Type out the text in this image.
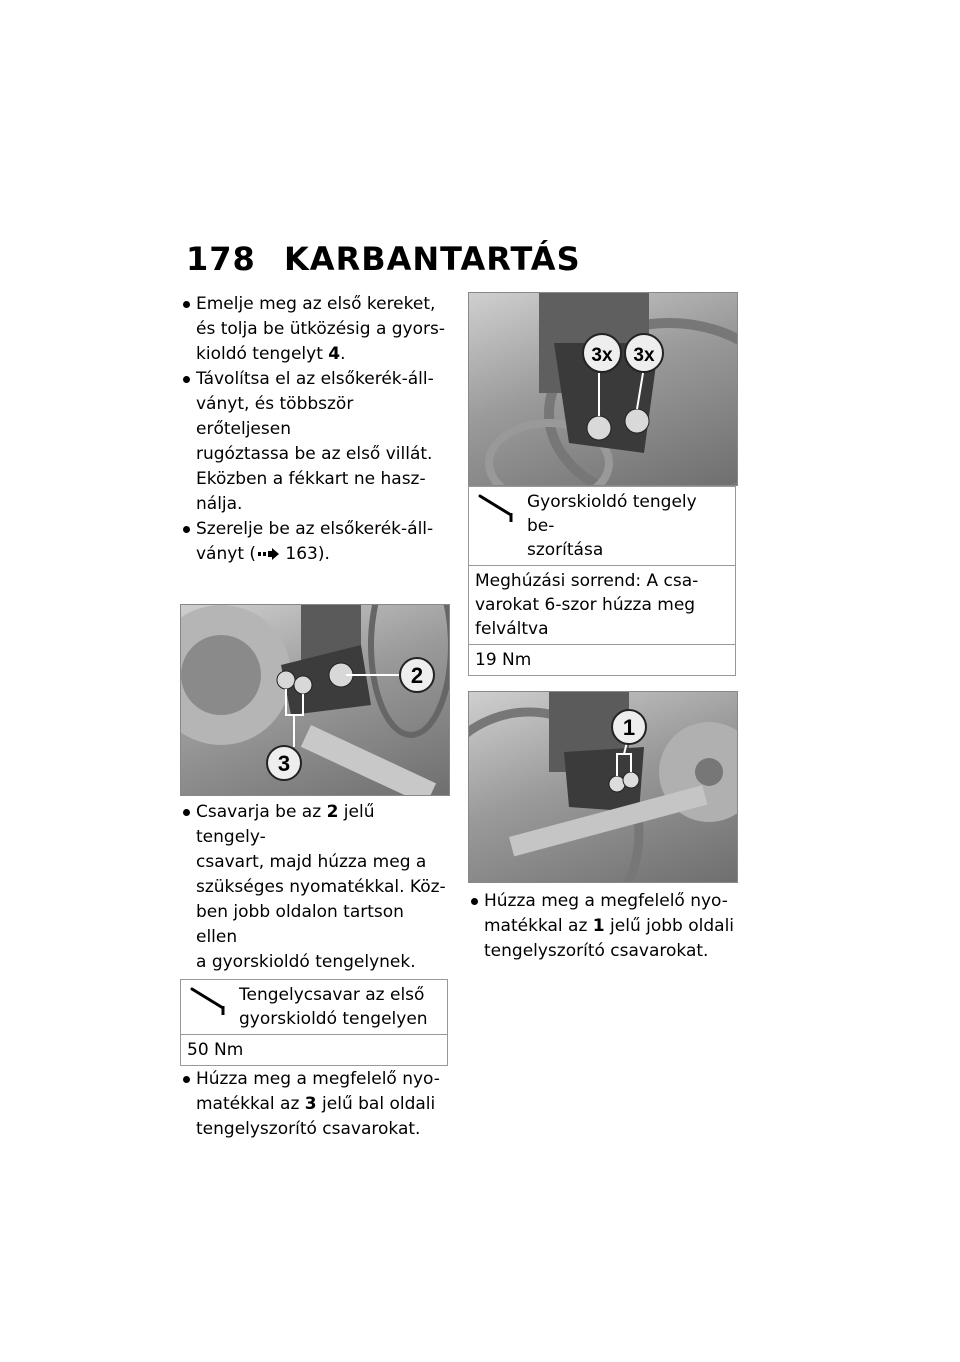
178 KARBANTARTÁS
Emelje meg az első kereket,
és tolja be ütközésig a gyors-
kioldó tengelyt 4.
Távolítsa el az elsőkerék-áll-
ványt, és többször erőteljesen
rugóztassa be az első villát.
Eközben a fékkart ne hasz-
nálja.
Szerelje be az elsőkerék-áll-
ványt ( 163).
2
3
Csavarja be az 2 jelű tengely-
csavart, majd húzza meg a
szükséges nyomatékkal. Köz-
ben jobb oldalon tartson ellen
a gyorskioldó tengelynek.
Tengelycsavar az első
gyorskioldó tengelyen
50 Nm
Húzza meg a megfelelő nyo-
matékkal az 3 jelű bal oldali
tengelyszorító csavarokat.
3x 3x
Gyorskioldó tengely be-
szorítása
Meghúzási sorrend: A csa-
varokat 6-szor húzza meg
felváltva
19 Nm
1
Húzza meg a megfelelő nyo-
matékkal az 1 jelű jobb oldali
tengelyszorító csavarokat.
